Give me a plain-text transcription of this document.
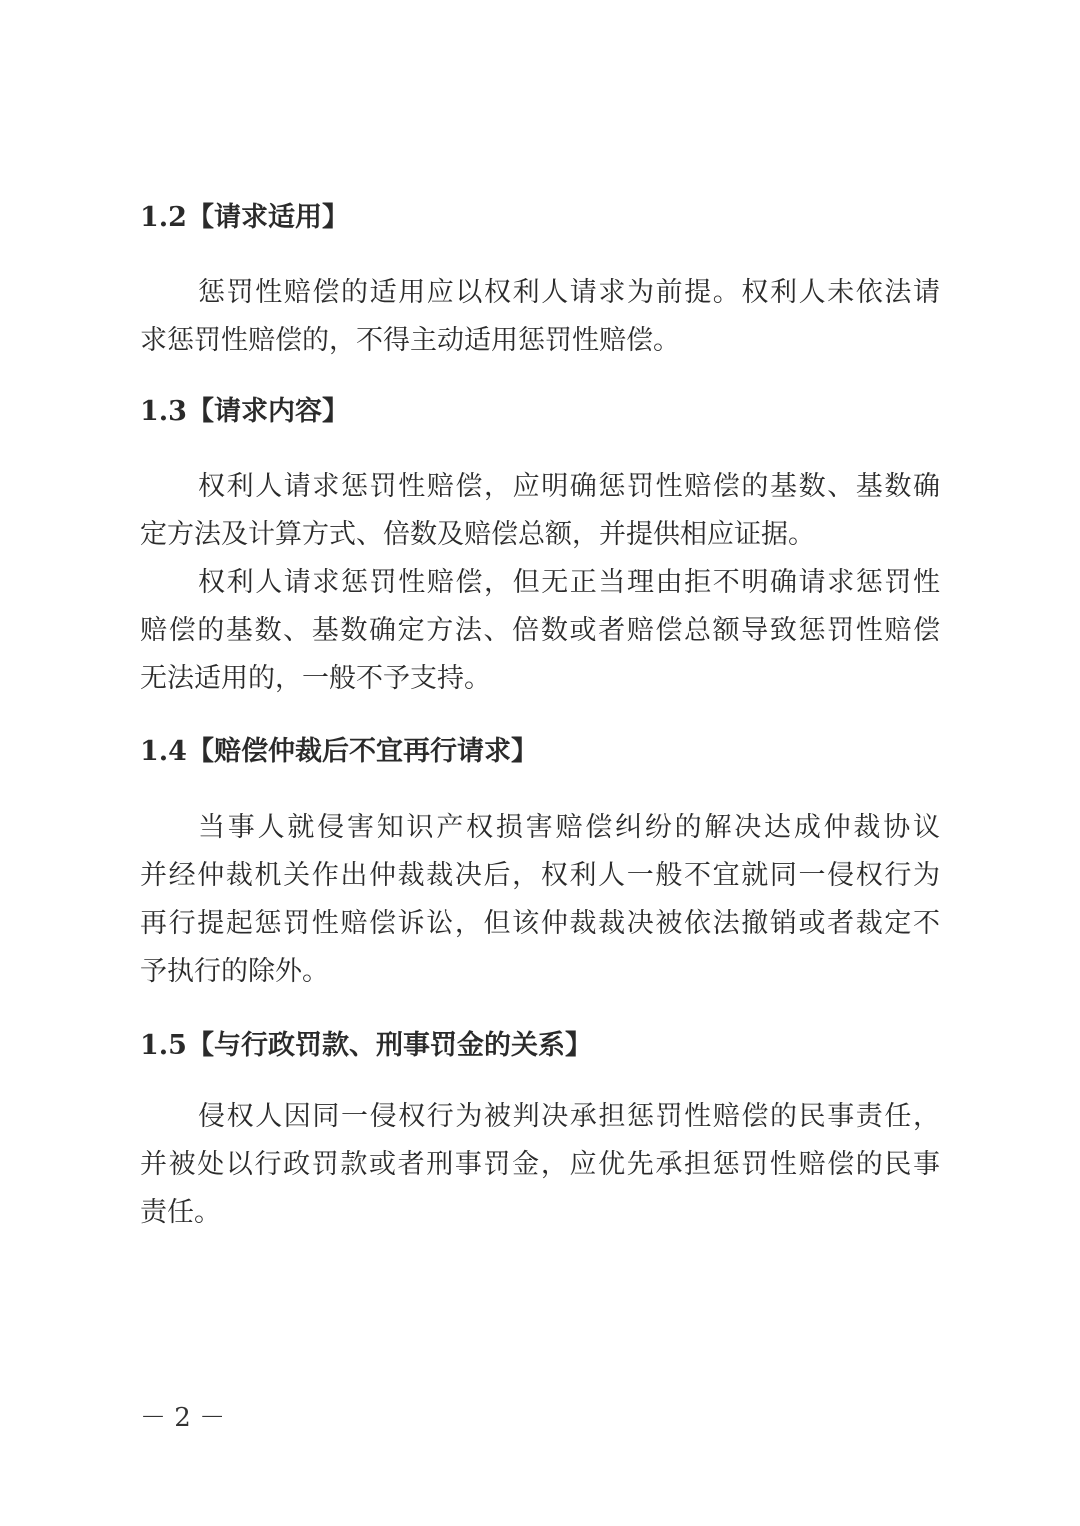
1.2【请求适用】
惩罚性赔偿的适用应以权利人请求为前提。权利人未依法请
求惩罚性赔偿的，不得主动适用惩罚性赔偿。
1.3【请求内容】
权利人请求惩罚性赔偿，应明确惩罚性赔偿的基数、基数确
定方法及计算方式、倍数及赔偿总额，并提供相应证据。
权利人请求惩罚性赔偿，但无正当理由拒不明确请求惩罚性
赔偿的基数、基数确定方法、倍数或者赔偿总额导致惩罚性赔偿
无法适用的，一般不予支持。
1.4【赔偿仲裁后不宜再行请求】
当事人就侵害知识产权损害赔偿纠纷的解决达成仲裁协议
并经仲裁机关作出仲裁裁决后，权利人一般不宜就同一侵权行为
再行提起惩罚性赔偿诉讼，但该仲裁裁决被依法撤销或者裁定不
予执行的除外。
1.5【与行政罚款、刑事罚金的关系】
侵权人因同一侵权行为被判决承担惩罚性赔偿的民事责任，
并被处以行政罚款或者刑事罚金，应优先承担惩罚性赔偿的民事
责任。
－ 2 －
